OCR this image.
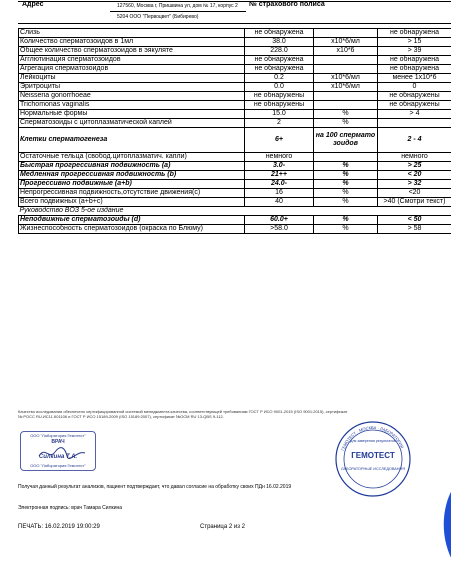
Адрес	127560, Москва г, Пришвина ул, дом № 17, корпус 2 № страхового полиса
5204 ООО "Первоцвет" (Бибирево)
Слизь	не обнаружена		не обнаружена
Количество сперматозоидов в 1мл	38.0	x10*6/мл	> 15
Общее количество сперматозоидов в эякуляте	228.0	x10*6	> 39
Агглютинация сперматозоидов	не обнаружена		не обнаружена
Агрегация сперматозоидов	не обнаружена		не обнаружена
Лейкоциты	0.2	x10*6/мл	менее 1x10*6
Эритроциты	0.0	x10*6/мл	0
Neisseria gonorrhoeae	не обнаружены		не обнаружены
Trichomonas vaginalis	не обнаружены		не обнаружены
Нормальные формы	15.0	%	> 4
Сперматозоиды с цитоплазматической каплей	2	%	
Клетки сперматогенеза	6+	на 100 сперматозоидов	2 - 4
Остаточные тельца (свобод.цитоплазматич. капли)	немного		немного
Быстрая прогрессивная подвижность (a)	3.0-	%	> 25
Медленная прогрессивная подвижность (b)	21++	%	< 20
Прогрессивно подвижные (a+b)	24.0-	%	> 32
Непрогрессивная подвижность,отсутствие движения(c)	16	%	<20
Всего подвижных (a+b+c)	40	%	>40 (Смотри текст)
Руководство ВОЗ 5-ое издание			
Неподвижные сперматозоиды (d)	60.0+	%	< 50
Жизнеспособность сперматозоидов (окраска по Блюму)	>58.0	%	> 58
Качество исследования обеспечено сертифицированной системой менеджмента качества, соответствующей требованиям ГОСТ Р ИСО 9001-2015 (ISO 9001:2015), сертификат № РОСС RU.ИС11.К01106 и ГОСТ Р ИСО 15189-2009 (ISO 15189:2007), сертификат №ОСМ RU 13-QBS 9-112.
ООО "Лаборатория Гемотест"
ВРАЧ
Силкина Т.А.
ООО "Лаборатория Гемотест"
для заверения результатов
ГЕМОТЕСТ
ЛАБОРАТОРНЫЕ ИССЛЕДОВАНИЯ
ГЕМОТЕСТ · МОСКВА · ЛАБОРАТОРИЯ ·
Получая данный результат анализов, пациент подтверждает, что давал согласие на обработку своих ПДн 16.02.2019
Электронная подпись: врач Тамара Силкина
ПЕЧАТЬ: 16.02.2019 19:00:29	Страница 2 из 2
